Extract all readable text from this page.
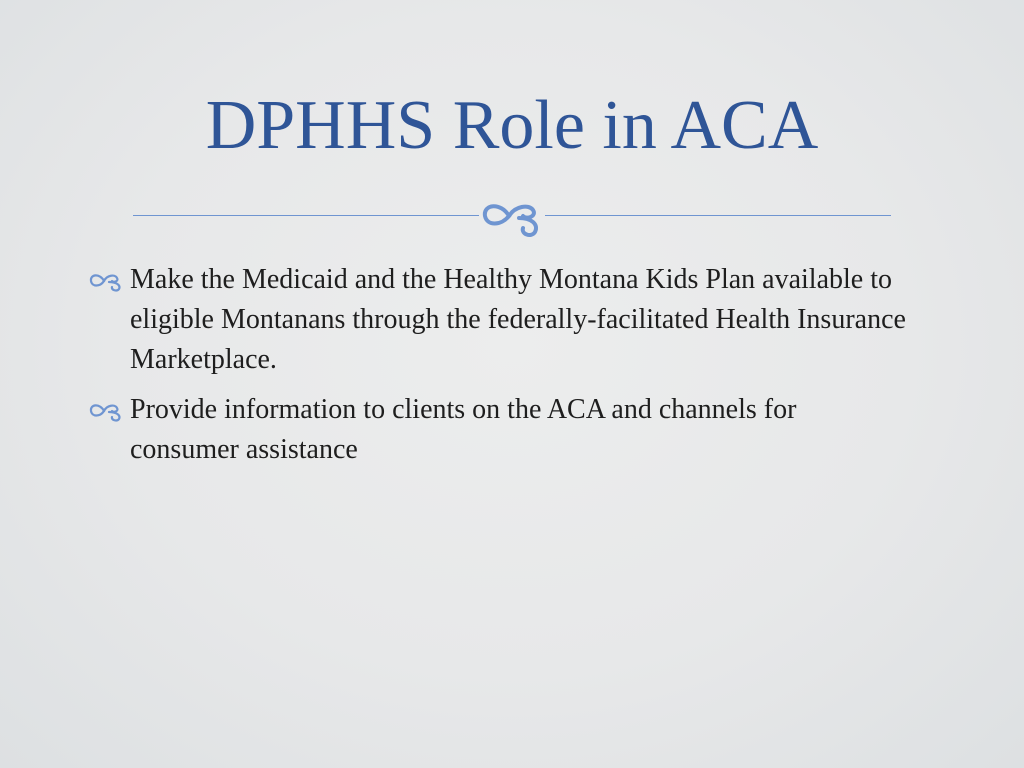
DPHHS Role in ACA
Make the Medicaid and the Healthy Montana Kids Plan available to eligible Montanans through the federally-facilitated Health Insurance Marketplace.
Provide information to clients on the ACA and channels for consumer assistance
